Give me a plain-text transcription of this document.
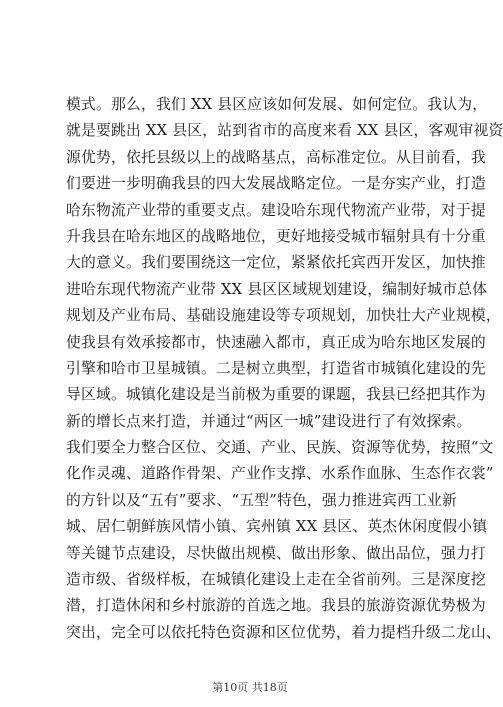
模式。那么，我们 XX 县区应该如何发展、如何定位。我认为，
就是要跳出 XX 县区，站到省市的高度来看 XX 县区，客观审视资
源优势，依托县级以上的战略基点，高标准定位。从目前看，我
们要进一步明确我县的四大发展战略定位。一是夯实产业，打造
哈东物流产业带的重要支点。建设哈东现代物流产业带，对于提
升我县在哈东地区的战略地位，更好地接受城市辐射具有十分重
大的意义。我们要围绕这一定位，紧紧依托宾西开发区，加快推
进哈东现代物流产业带 XX 县区区域规划建设，编制好城市总体
规划及产业布局、基础设施建设等专项规划，加快壮大产业规模，
使我县有效承接都市，快速融入都市，真正成为哈东地区发展的
引擎和哈市卫星城镇。二是树立典型，打造省市城镇化建设的先
导区域。城镇化建设是当前极为重要的课题，我县已经把其作为
新的增长点来打造，并通过“两区一城”建设进行了有效探索。
我们要全力整合区位、交通、产业、民族、资源等优势，按照“文
化作灵魂、道路作骨架、产业作支撑、水系作血脉、生态作衣裳”
的方针以及“五有”要求、“五型”特色，强力推进宾西工业新
城、居仁朝鲜族风情小镇、宾州镇 XX 县区、英杰休闲度假小镇
等关键节点建设，尽快做出规模、做出形象、做出品位，强力打
造市级、省级样板，在城镇化建设上走在全省前列。三是深度挖
潜，打造休闲和乡村旅游的首选之地。我县的旅游资源优势极为
突出，完全可以依托特色资源和区位优势，着力提档升级二龙山、
第10页 共18页
